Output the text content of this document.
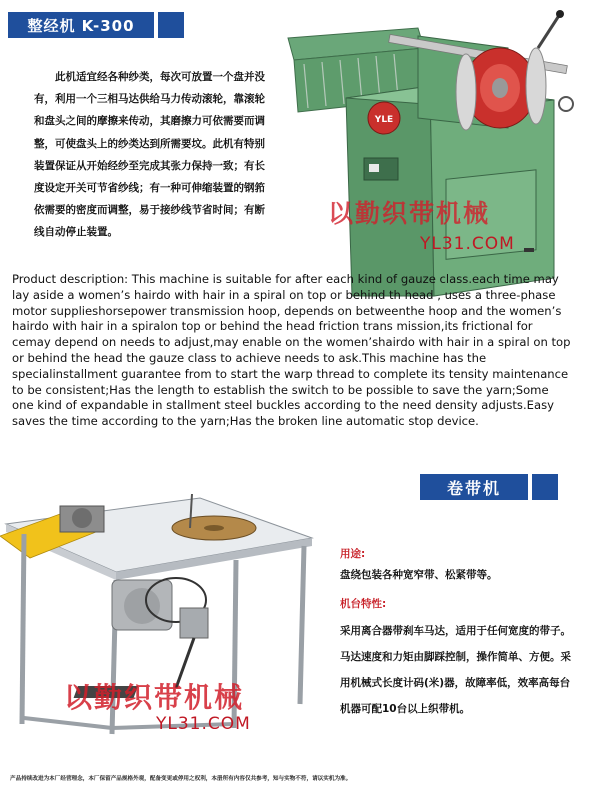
整经机 K-300

此机适宜经各种纱类，每次可放置一个盘并没有，利用一个三相马达供给马力传动滚轮，靠滚轮和盘头之间的摩擦来传动，其磨擦力可依需要而调整，可使盘头上的纱类达到所需要坟。此机有特别装置保证从开始经纱至完成其张力保持一致；有长度设定开关可节省纱线；有一种可伸缩装置的钢筘依需要的密度而调整，易于接纱线节省时间；有断线自动停止装置。

YLE
以勤织带机械
YL31.COM

Product description: This machine is suitable for after each kind of gauze class.each time may lay aside a women’s hairdo with hair in a spiral on top or behind th head , uses a three-phase motor supplieshorsepower transmission hoop, depends on betweenthe hoop and the women’s hairdo with hair in a spiralon top or behind the head friction trans mission,its frictional for cemay depend on needs to adjust,may enable on the women’shairdo with hair in a spiral on top or behind the head the gauze class to achieve needs to ask.This machine has the specialinstallment guarantee from to start the warp thread to complete its tensity maintenance to be consistent;Has the length to establish the switch to be possible to save the yarn;Some one kind of expandable in stallment steel buckles according to the need density adjusts.Easy saves the time according to the yarn;Has the broken line automatic stop device.

卷带机
以勤织带机械
YL31.COM

用途:

盘绕包装各种宽窄带、松紧带等。

机台特性:

采用离合器带刹车马达，适用于任何宽度的带子。马达速度和力矩由脚踩控制，操作简单、方便。采用机械式长度计码(米)器，故障率低，效率高每台机器可配10台以上织带机。

产品持续改进为本厂经营理念，本厂保留产品规格外观，配备变更或停用之权利，本册所有内容仅共参考，知与实物不符，请以实机为准。
